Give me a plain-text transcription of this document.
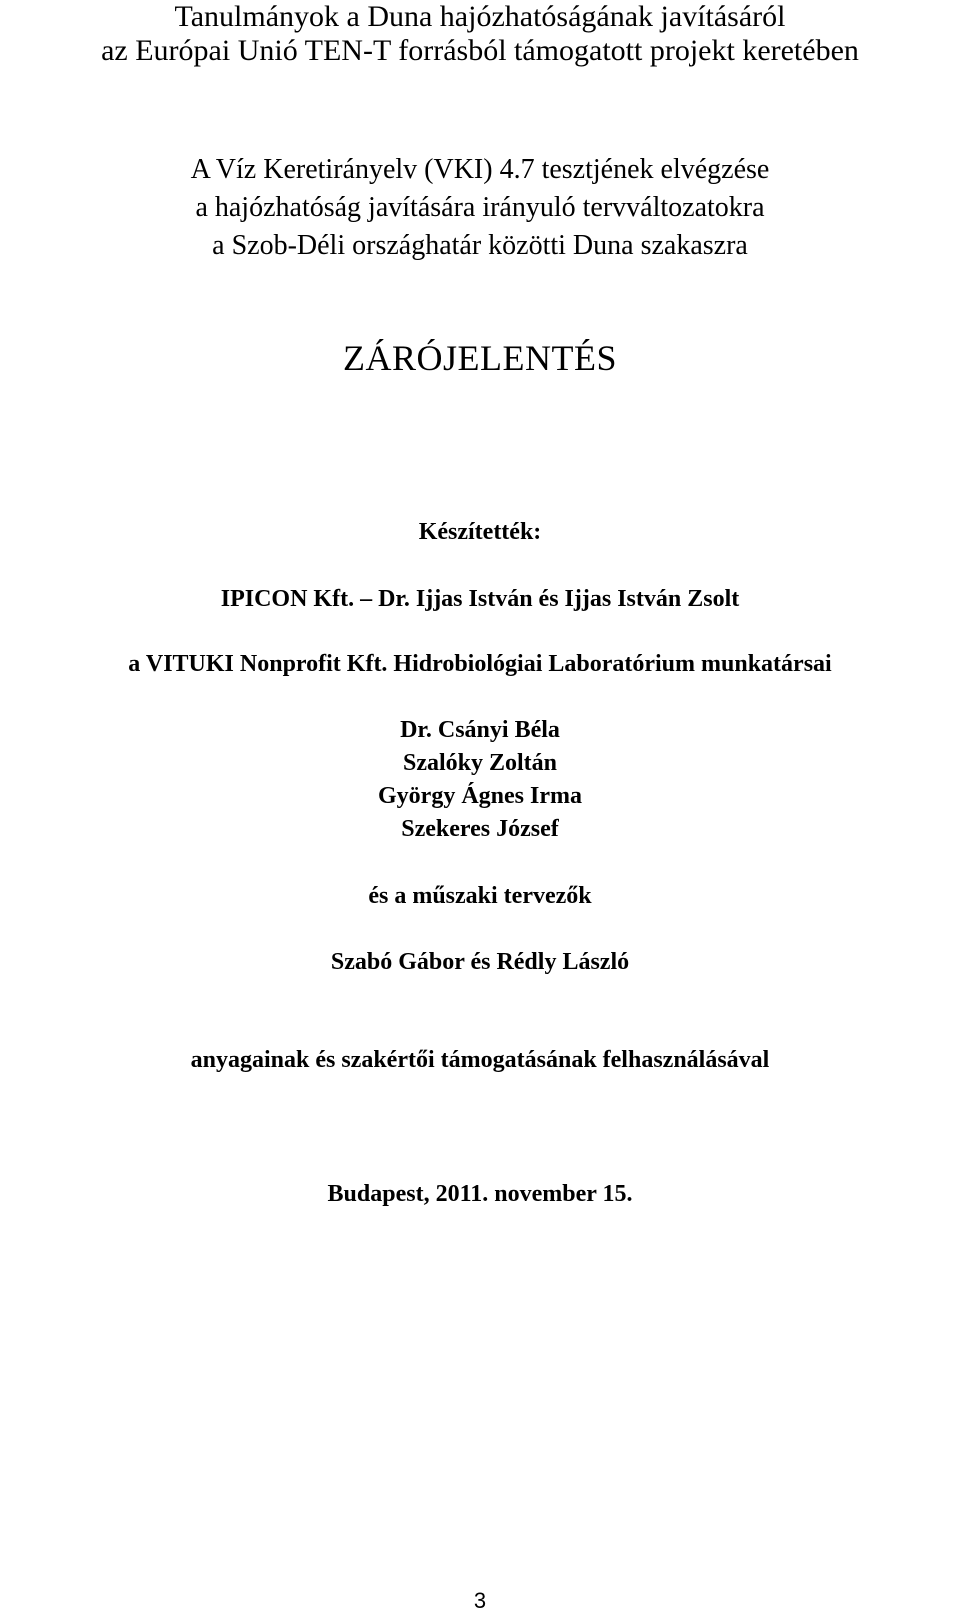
Tanulmányok a Duna hajózhatóságának javításáról
az Európai Unió TEN-T forrásból támogatott projekt keretében
A Víz Keretirányelv (VKI) 4.7 tesztjének elvégzése
a hajózhatóság javítására irányuló tervváltozatokra
a Szob-Déli országhatár közötti Duna szakaszra
ZÁRÓJELENTÉS
Készítették:
IPICON Kft. – Dr. Ijjas István és Ijjas István Zsolt
a VITUKI Nonprofit Kft. Hidrobiológiai Laboratórium munkatársai
Dr. Csányi Béla
Szalóky Zoltán
György Ágnes Irma
Szekeres József
és a műszaki tervezők
Szabó Gábor és Rédly László
anyagainak és szakértői támogatásának felhasználásával
Budapest, 2011. november 15.
3
